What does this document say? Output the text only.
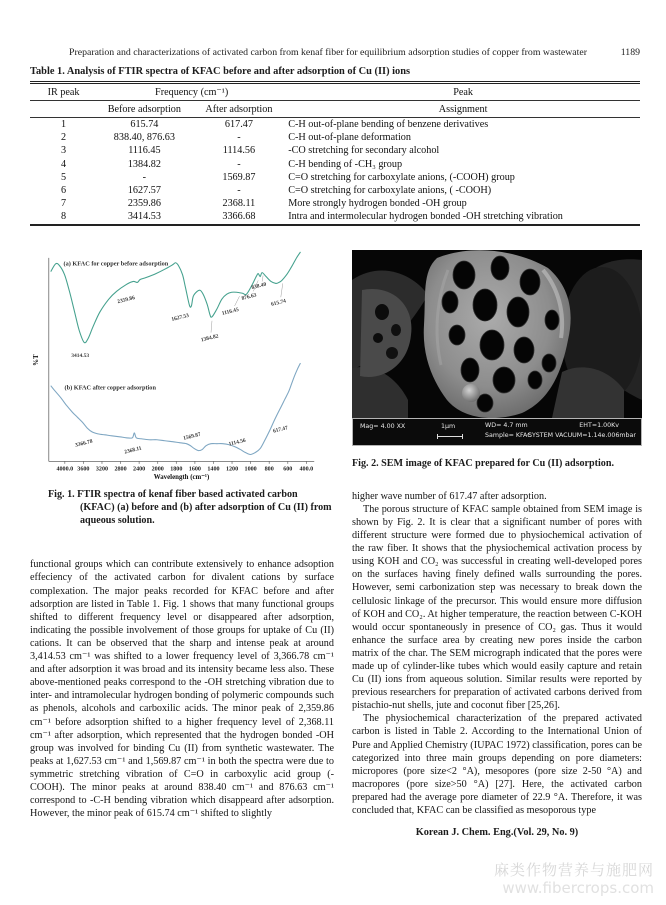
Preparation and characterizations of activated carbon from kenaf fiber for equilibrium adsorption studies of copper from wastewater	1189
Table 1. Analysis of FTIR spectra of KFAC before and after adsorption of Cu (II) ions
IR peak	Frequency (cm⁻¹)		Peak
	Before adsorption	After adsorption	Assignment
1	615.74	617.47	C-H out-of-plane bending of benzene derivatives
2	838.40, 876.63	-	C-H out-of-plane deformation
3	1116.45	1114.56	-CO stretching for secondary alcohol
4	1384.82	-	C-H bending of -CH₃ group
5	-	1569.87	C=O stretching for carboxylate anions, (-COOH) group
6	1627.57	-	C=O stretching for carboxylate anions, ( -COOH)
7	2359.86	2368.11	More strongly hydrogen bonded -OH group
8	3414.53	3366.68	Intra and intermolecular hydrogen bonded -OH stretching vibration
4000.0 3600 3200 2800 2400 2000 1800 1600 1400 1200 1000 800 600 400.0
Wavelength (cm⁻¹)
%T
(a) KFAC for copper before adsorption
(b) KFAC after copper adsorption
3414.53
2359.86
1627.53
1384.82
1116.45
876.63
838.40
615.74
3366.78
2368.11
1569.87
1114.56
617.47
Fig. 1. FTIR spectra of kenaf fiber based activated carbon (KFAC) (a) before and (b) after adsorption of Cu (II) from aqueous solution.

functional groups which can contribute extensively to enhance adsoption effeciency of the activated carbon for divalent cations by surface complexation. The major peaks recorded for KFAC before and after adsorption are listed in Table 1. Fig. 1 shows that many functional groups shifted to different frequency level or disappeared after adsorption, indicating the possible involvement of those groups for uptake of Cu (II) cations. It can be observed that the sharp and intense peak at around 3,414.53 cm⁻¹ was shifted to a lower frequency level of 3,366.78 cm⁻¹ and after adsorption it was broad and its intensity became less also. These above-mentioned peaks correspond to the -OH stretching vibration due to inter- and intramolecular hydrogen bonding of polymeric compounds such as phenols, alcohols and carboxilic acids. The minor peak of 2,359.86 cm⁻¹ before adsorption shifted to a higher frequency level of 2,368.11 cm⁻¹ after adsorption, which represented that the hydrogen bonded -OH group was involved for binding Cu (II) from synthetic wastewater. The peaks at 1,627.53 cm⁻¹ and 1,569.87 cm⁻¹ in both the spectra were due to symmetric stretching vibration of C=O in carboxylic acid group (-COOH). The minor peaks at around 838.40 cm⁻¹ and 876.63 cm⁻¹ correspond to -C-H bending vibration which disappeard after adsorption. However, the minor peak of 615.74 cm⁻¹ shifted to slightly

Mag= 4.00 XX	1μm	WD= 4.7 mm
Sample= KFAC
EHT=1.00Kv
SYSTEM VACUUM=1.14e.006mbar
Fig. 2. SEM image of KFAC prepared for Cu (II) adsorption.

higher wave number of 617.47 after adsorption.

The porous structure of KFAC sample obtained from SEM image is shown by Fig. 2. It is clear that a significant number of pores with different structure were formed due to physiochemical activation of the raw fiber. It shows that the physiochemical activation process by using KOH and CO₂ was successful in creating well-developed pores on the surfaces having finely defined walls surrounding the pores. However, semi carbonization step was necessary to break down the cellulosic linkage of the precursor. This would ensure more diffusion of KOH and CO₂. At higher temperature, the reaction between C-KOH would occur spontaneously in presence of CO₂ gas. Thus it would enhance the surface area by creating new pores inside the carbon matrix of the char. The SEM micrograph indicated that the pores were made up of cylinder-like tubes which would easily capture and retain Cu (II) ions from aqueous solution. Similar results were reported by previous researchers for preparation of activated carbons derived from pistachio-nut shells, jute and coconut fiber [25,26].

The physiochemical characterization of the prepared activated carbon is listed in Table 2. According to the International Union of Pure and Applied Chemistry (IUPAC 1972) classification, pores can be categorized into three main groups depending on pore diameters: micropores (pore size<2 °A), mesopores (pore size 2-50 °A) and macropores (pore size>50 °A) [27]. Here, the activated carbon prepared had the average pore diameter of 22.9 °A. Therefore, it was concluded that, KFAC can be classified as mesoporous type

Korean J. Chem. Eng.(Vol. 29, No. 9)
麻类作物营养与施肥网
www.fibercrops.com
